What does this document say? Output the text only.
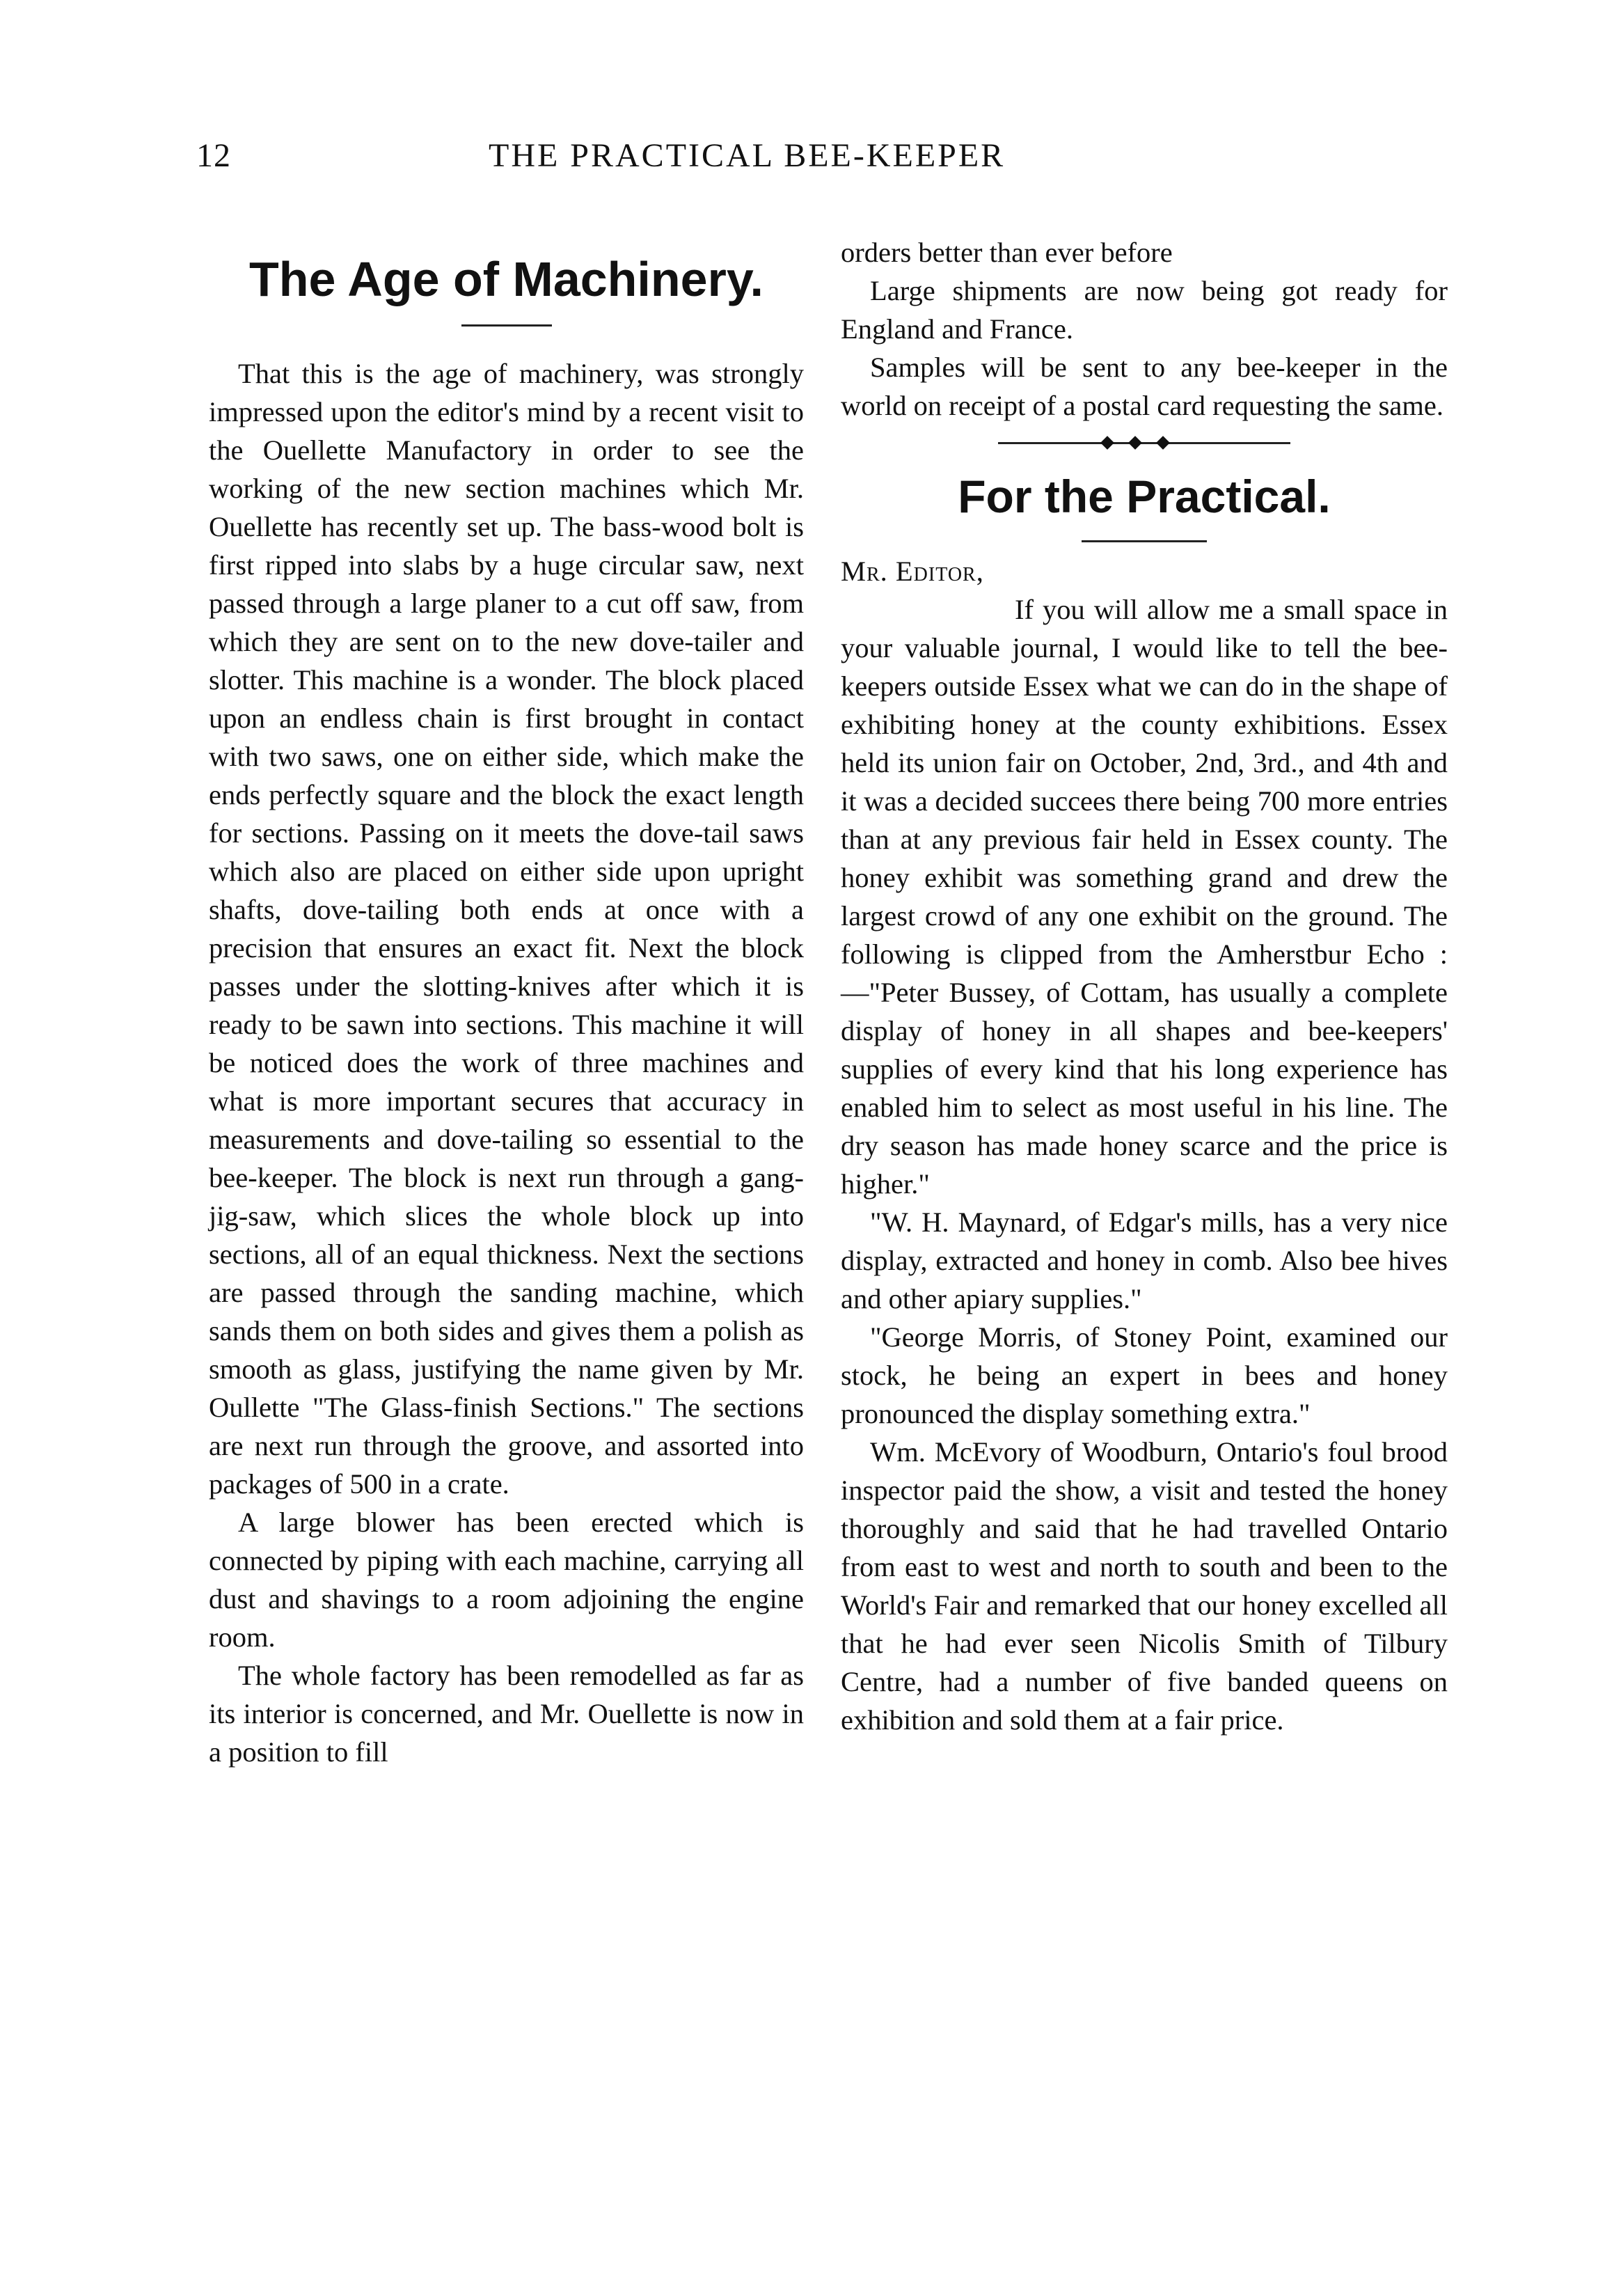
12	THE PRACTICAL BEE-KEEPER
The Age of Machinery.

That this is the age of machinery, was strongly impressed upon the editor's mind by a recent visit to the Ouellette Manufactory in order to see the working of the new section machines which Mr. Ouellette has recently set up. The bass-wood bolt is first ripped into slabs by a huge circular saw, next passed through a large planer to a cut off saw, from which they are sent on to the new dove-tailer and slotter. This machine is a wonder. The block placed upon an endless chain is first brought in contact with two saws, one on either side, which make the ends perfectly square and the block the exact length for sections. Passing on it meets the dove-tail saws which also are placed on either side upon upright shafts, dove-tailing both ends at once with a precision that ensures an exact fit. Next the block passes under the slotting-knives after which it is ready to be sawn into sections. This machine it will be noticed does the work of three machines and what is more important secures that accuracy in measurements and dove-tailing so essential to the bee-keeper. The block is next run through a gang-jig-saw, which slices the whole block up into sections, all of an equal thickness. Next the sections are passed through the sanding machine, which sands them on both sides and gives them a polish as smooth as glass, justifying the name given by Mr. Oullette "The Glass-finish Sections." The sections are next run through the groove, and assorted into packages of 500 in a crate.

A large blower has been erected which is connected by piping with each machine, carrying all dust and shavings to a room adjoining the engine room.

The whole factory has been remodelled as far as its interior is concerned, and Mr. Ouellette is now in a position to fill

orders better than ever before

Large shipments are now being got ready for England and France.

Samples will be sent to any bee-keeper in the world on receipt of a postal card requesting the same.

For the Practical.

Mr. Editor,

If you will allow me a small space in your valuable journal, I would like to tell the bee-keepers outside Essex what we can do in the shape of exhibiting honey at the county exhibitions. Essex held its union fair on October, 2nd, 3rd., and 4th and it was a decided succees there being 700 more entries than at any previous fair held in Essex county. The honey exhibit was something grand and drew the largest crowd of any one exhibit on the ground. The following is clipped from the Amherstbur Echo :—"Peter Bussey, of Cottam, has usually a complete display of honey in all shapes and bee-keepers' supplies of every kind that his long experience has enabled him to select as most useful in his line. The dry season has made honey scarce and the price is higher."

"W. H. Maynard, of Edgar's mills, has a very nice display, extracted and honey in comb. Also bee hives and other apiary supplies."

"George Morris, of Stoney Point, examined our stock, he being an expert in bees and honey pronounced the display something extra."

Wm. McEvory of Woodburn, Ontario's foul brood inspector paid the show, a visit and tested the honey thoroughly and said that he had travelled Ontario from east to west and north to south and been to the World's Fair and remarked that our honey excelled all that he had ever seen Nicolis Smith of Tilbury Centre, had a number of five banded queens on exhibition and sold them at a fair price.
